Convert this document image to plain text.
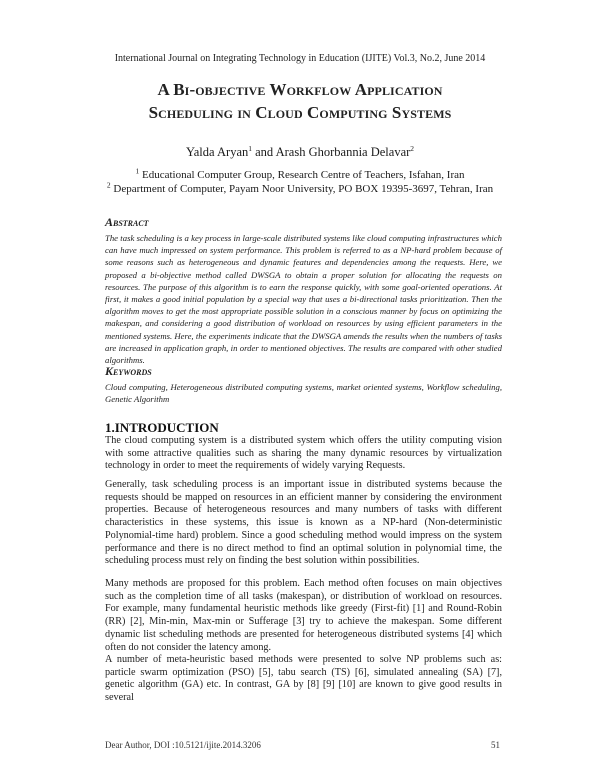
International Journal on Integrating Technology in Education (IJITE) Vol.3, No.2, June 2014
A Bi-objective Workflow Application
Scheduling in Cloud Computing Systems
Yalda Aryan$^1$ and Arash Ghorbannia Delavar$^2$
$^1$ Educational Computer Group, Research Centre of Teachers, Isfahan, Iran
$^2$ Department of Computer, Payam Noor University, PO BOX 19395-3697, Tehran, Iran
Abstract
The task scheduling is a key process in large-scale distributed systems like cloud computing infrastructures which can have much impressed on system performance. This problem is referred to as a NP-hard problem because of some reasons such as heterogeneous and dynamic features and dependencies among the requests. Here, we proposed a bi-objective method called DWSGA to obtain a proper solution for allocating the requests on resources. The purpose of this algorithm is to earn the response quickly, with some goal-oriented operations. At first, it makes a good initial population by a special way that uses a bi-directional tasks prioritization. Then the algorithm moves to get the most appropriate possible solution in a conscious manner by focus on optimizing the makespan, and considering a good distribution of workload on resources by using efficient parameters in the mentioned systems. Here, the experiments indicate that the DWSGA amends the results when the numbers of tasks are increased in application graph, in order to mentioned objectives. The results are compared with other studied algorithms.
Keywords
Cloud computing, Heterogeneous distributed computing systems, market oriented systems, Workflow scheduling, Genetic Algorithm
1.INTRODUCTION
The cloud computing system is a distributed system which offers the utility computing vision with some attractive qualities such as sharing the many dynamic resources by virtualization technology in order to meet the requirements of widely varying Requests.
Generally, task scheduling process is an important issue in distributed systems because the requests should be mapped on resources in an efficient manner by considering the environment properties. Because of heterogeneous resources and many numbers of tasks with different characteristics in these systems, this issue is known as a NP-hard (Non-deterministic Polynomial-time hard) problem. Since a good scheduling method would impress on the system performance and there is no direct method to find an optimal solution in polynomial time, the scheduling process must rely on finding the best solution within possibilities.
Many methods are proposed for this problem. Each method often focuses on main objectives such as the completion time of all tasks (makespan), or distribution of workload on resources. For example, many fundamental heuristic methods like greedy (First-fit) [1] and Round-Robin (RR) [2], Min-min, Max-min or Sufferage [3] try to achieve the makespan. Some different dynamic list scheduling methods are presented for heterogeneous distributed systems [4] which often do not consider the latency among.
A number of meta-heuristic based methods were presented to solve NP problems such as: particle swarm optimization (PSO) [5], tabu search (TS) [6], simulated annealing (SA) [7], genetic algorithm (GA) etc. In contrast, GA by [8] [9] [10] are known to give good results in several
Dear Author, DOI :10.5121/ijite.2014.3206	51
